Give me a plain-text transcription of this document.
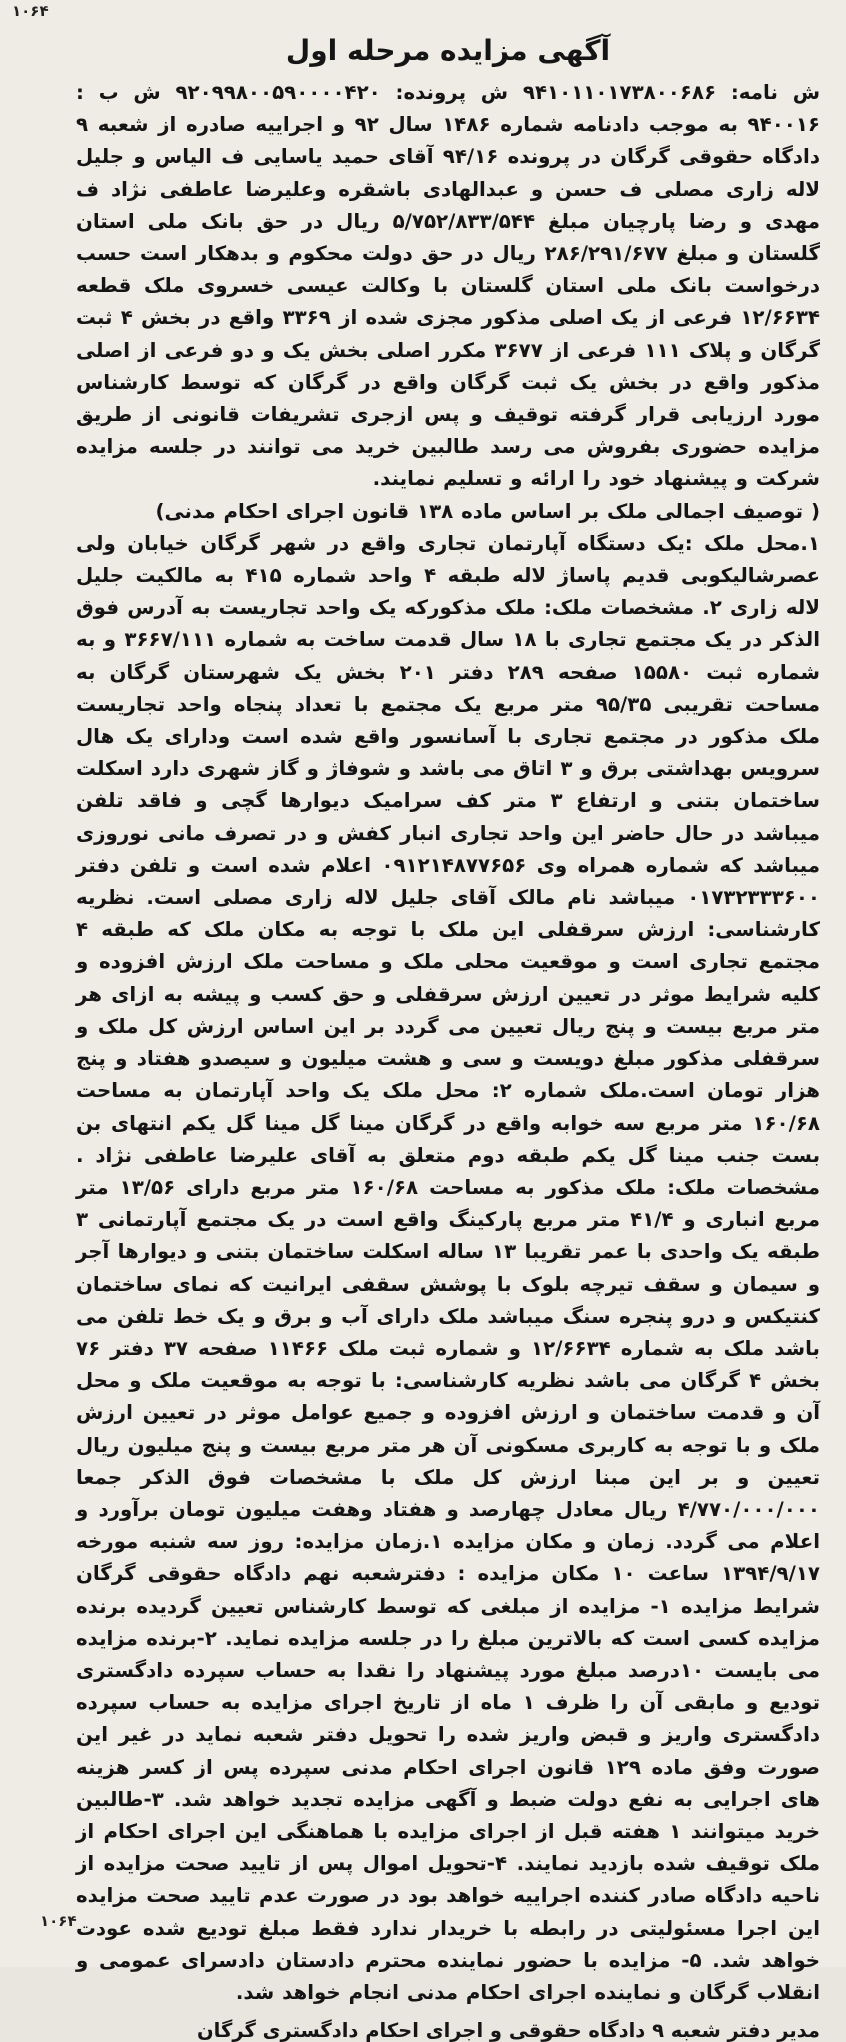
۱۰۶۴
آگهی مزایده مرحله اول

ش نامه: ۹۴۱۰۱۱۰۱۷۳۸۰۰۶۸۶ ش پرونده: ۹۲۰۹۹۸۰۰۵۹۰۰۰۰۴۲۰ ش ب : ۹۴۰۰۱۶ به موجب دادنامه شماره ۱۴۸۶ سال ۹۲ و اجراییه صادره از شعبه ۹ دادگاه حقوقی گرگان در پرونده ۹۴/۱۶ آقای حمید یاسایی ف الیاس و جلیل لاله زاری مصلی ف حسن و عبدالهادی باشقره وعلیرضا عاطفی نژاد ف مهدی و رضا پارچیان مبلغ ۵/۷۵۲/۸۳۳/۵۴۴ ریال در حق بانک ملی استان گلستان و مبلغ ۲۸۶/۲۹۱/۶۷۷ ریال در حق دولت محکوم و بدهکار است حسب درخواست بانک ملی استان گلستان با وکالت عیسی خسروی ملک قطعه ۱۲/۶۶۳۴ فرعی از یک اصلی مذکور مجزی شده از ۳۳۶۹ واقع در بخش ۴ ثبت گرگان و پلاک ۱۱۱ فرعی از ۳۶۷۷ مکرر اصلی بخش یک و دو فرعی از اصلی مذکور واقع در بخش یک ثبت گرگان واقع در گرگان که توسط کارشناس مورد ارزیابی قرار گرفته توقیف و پس ازجری تشریفات قانونی از طریق مزایده حضوری بفروش می رسد طالبین خرید می توانند در جلسه مزایده شرکت و پیشنهاد خود را ارائه و تسلیم نمایند.

( توصیف اجمالی ملک بر اساس ماده ۱۳۸ قانون اجرای احکام مدنی)

۱.محل ملک :یک دستگاه آپارتمان تجاری واقع در شهر گرگان خیابان ولی عصرشالیکوبی قدیم پاساژ لاله طبقه ۴ واحد شماره ۴۱۵ به مالکیت جلیل لاله زاری ۲. مشخصات ملک: ملک مذکورکه یک واحد تجاریست به آدرس فوق الذکر در یک مجتمع تجاری با ۱۸ سال قدمت ساخت به شماره ۳۶۶۷/۱۱۱ و به شماره ثبت ۱۵۵۸۰ صفحه ۲۸۹ دفتر ۲۰۱ بخش یک شهرستان گرگان به مساحت تقریبی ۹۵/۳۵ متر مربع یک مجتمع با تعداد پنجاه واحد تجاریست ملک مذکور در مجتمع تجاری با آسانسور واقع شده است ودارای یک هال سرویس بهداشتی برق و ۳ اتاق می باشد و شوفاژ و گاز شهری دارد اسکلت ساختمان بتنی و ارتفاع ۳ متر کف سرامیک دیوارها گچی و فاقد تلفن میباشد در حال حاضر این واحد تجاری انبار کفش و در تصرف مانی نوروزی میباشد که شماره همراه وی ۰۹۱۲۱۴۸۷۷۶۵۶ اعلام شده است و تلفن دفتر ۰۱۷۳۲۳۳۳۶۰۰ میباشد نام مالک آقای جلیل لاله زاری مصلی است. نظریه کارشناسی: ارزش سرقفلی این ملک با توجه به مکان ملک که طبقه ۴ مجتمع تجاری است و موقعیت محلی ملک و مساحت ملک ارزش افزوده و کلیه شرایط موثر در تعیین ارزش سرقفلی و حق کسب و پیشه به ازای هر متر مربع بیست و پنج ریال تعیین می گردد بر این اساس ارزش کل ملک و سرقفلی مذکور مبلغ دویست و سی و هشت میلیون و سیصدو هفتاد و پنج هزار تومان است.ملک شماره ۲: محل ملک یک واحد آپارتمان به مساحت ۱۶۰/۶۸ متر مربع سه خوابه واقع در گرگان مینا گل مینا گل یکم انتهای بن بست جنب مینا گل یکم طبقه دوم متعلق به آقای علیرضا عاطفی نژاد . مشخصات ملک: ملک مذکور به مساحت ۱۶۰/۶۸ متر مربع دارای ۱۳/۵۶ متر مربع انباری و ۴۱/۴ متر مربع پارکینگ واقع است در یک مجتمع آپارتمانی ۳ طبقه یک واحدی با عمر تقریبا ۱۳ ساله اسکلت ساختمان بتنی و دیوارها آجر و سیمان و سقف تیرچه بلوک با پوشش سقفی ایرانیت که نمای ساختمان کنتیکس و درو پنجره سنگ میباشد ملک دارای آب و برق و یک خط تلفن می باشد ملک به شماره ۱۲/۶۶۳۴ و شماره ثبت ملک ۱۱۴۶۶ صفحه ۳۷ دفتر ۷۶ بخش ۴ گرگان می باشد نظریه کارشناسی: با توجه به موقعیت ملک و محل آن و قدمت ساختمان و ارزش افزوده و جمیع عوامل موثر در تعیین ارزش ملک و با توجه به کاربری مسکونی آن هر متر مربع بیست و پنج میلیون ریال تعیین و بر این مبنا ارزش کل ملک با مشخصات فوق الذکر جمعا ۴/۷۷۰/۰۰۰/۰۰۰ ریال معادل چهارصد و هفتاد وهفت میلیون تومان برآورد و اعلام می گردد. زمان و مکان مزایده ۱.زمان مزایده: روز سه شنبه مورخه ۱۳۹۴/۹/۱۷ ساعت ۱۰ مکان مزایده : دفترشعبه نهم دادگاه حقوقی گرگان شرایط مزایده ۱- مزایده از مبلغی که توسط کارشناس تعیین گردیده برنده مزایده کسی است که بالاترین مبلغ را در جلسه مزایده نماید. ۲-برنده مزایده می بایست ۱۰درصد مبلغ مورد پیشنهاد را نقدا به حساب سپرده دادگستری تودیع و مابقی آن را ظرف ۱ ماه از تاریخ اجرای مزایده به حساب سپرده دادگستری واریز و قبض واریز شده را تحویل دفتر شعبه نماید در غیر این صورت وفق ماده ۱۲۹ قانون اجرای احکام مدنی سپرده پس از کسر هزینه های اجرایی به نفع دولت ضبط و آگهی مزایده تجدید خواهد شد. ۳-طالبین خرید میتوانند ۱ هفته قبل از اجرای مزایده با هماهنگی این اجرای احکام از ملک توقیف شده بازدید نمایند. ۴-تحویل اموال پس از تایید صحت مزایده از ناحیه دادگاه صادر کننده اجراییه خواهد بود در صورت عدم تایید صحت مزایده این اجرا مسئولیتی در رابطه با خریدار ندارد فقط مبلغ تودیع شده عودت خواهد شد. ۵- مزایده با حضور نماینده محترم دادستان دادسرای عمومی و انقلاب گرگان و نماینده اجرای احکام مدنی انجام خواهد شد.

مدیر دفتر شعبه ۹ دادگاه حقوقی و اجرای احکام دادگستری گرگان
۱۰۶۴
